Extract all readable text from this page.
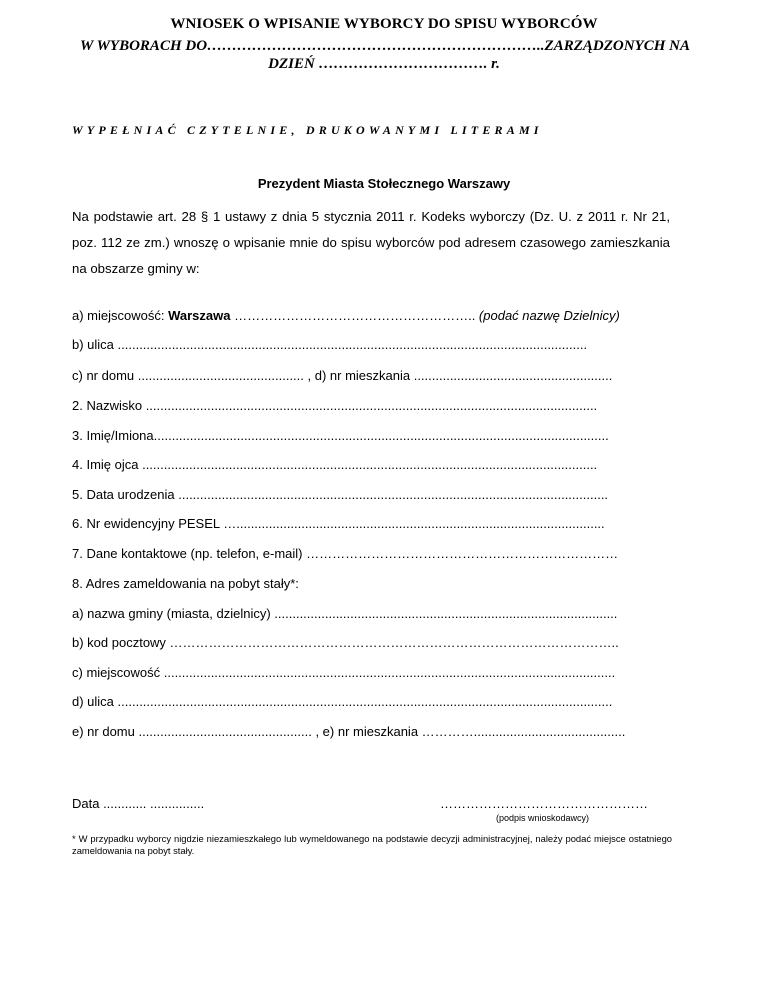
WNIOSEK O WPISANIE WYBORCY DO SPISU WYBORCÓW
W WYBORACH DO…………………………………………………………..ZARZĄDZONYCH NA
DZIEŃ ……………………………. r.
WYPEŁNIAĆ CZYTELNIE, DRUKOWANYMI LITERAMI
Prezydent Miasta Stołecznego Warszawy
Na podstawie art. 28 § 1 ustawy z dnia 5 stycznia 2011 r. Kodeks wyborczy (Dz. U. z 2011 r. Nr 21, poz. 112 ze zm.) wnoszę o wpisanie mnie do spisu wyborców pod adresem czasowego zamieszkania na obszarze gminy w:
a) miejscowość: Warszawa ……………………………………………….. (podać nazwę Dzielnicy)
b) ulica ..................................................................................................................................
c) nr domu .............................................. , d) nr mieszkania .......................................................
2. Nazwisko .............................................................................................................................
3. Imię/Imiona..............................................................................................................................
4. Imię ojca ..............................................................................................................................
5. Data urodzenia .......................................................................................................................
6. Nr ewidencyjny PESEL …......................................................................................................
7. Dane kontaktowe (np. telefon, e-mail) ………………………………………………………………
8. Adres zameldowania na pobyt stały*:
a) nazwa gminy (miasta, dzielnicy) ...............................................................................................
b) kod pocztowy …………………………………………………………………………………………..
c) miejscowość .............................................................................................................................
d) ulica .........................................................................................................................................
e) nr domu ................................................ , e) nr mieszkania …………..........................................
Data ............ ...............	…………………………………………
(podpis wnioskodawcy)
* W przypadku wyborcy nigdzie niezamieszkałego lub wymeldowanego na podstawie decyzji administracyjnej, należy podać miejsce ostatniego zameldowania na pobyt stały.
